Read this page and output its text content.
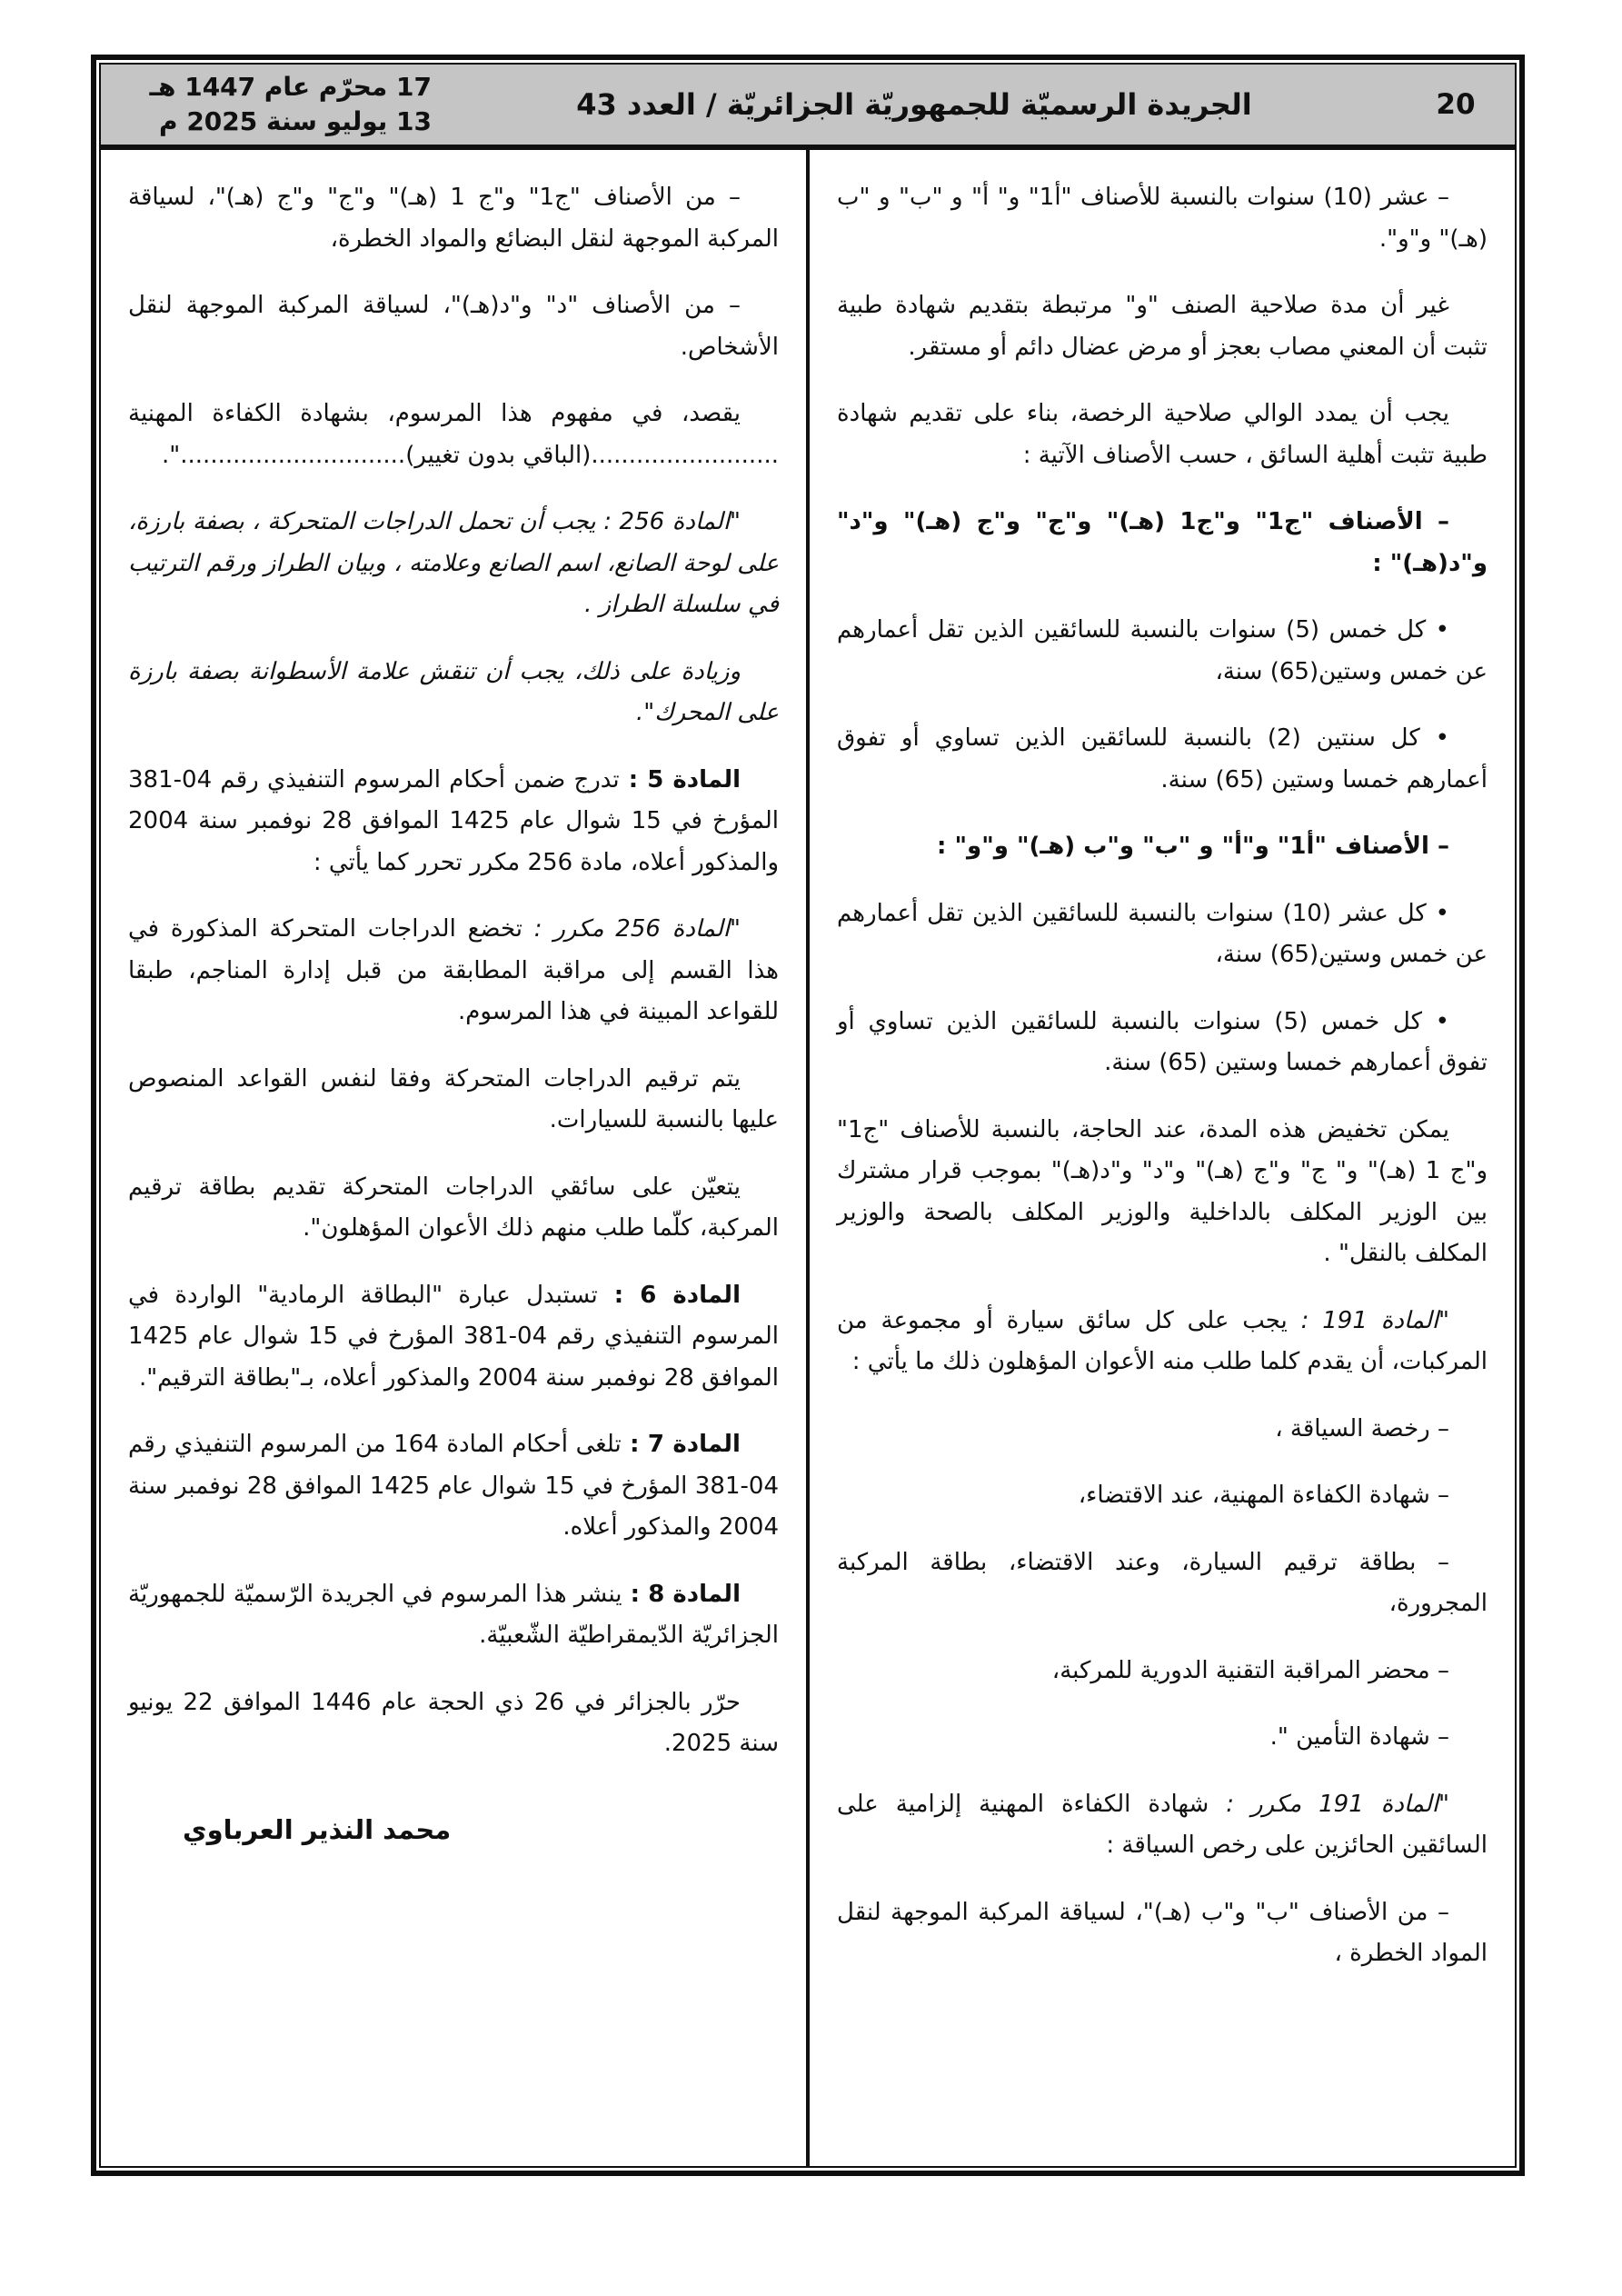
20
الجريدة الرسميّة للجمهوريّة الجزائريّة / العدد 43
17 محرّم عام 1447 هـ
13 يوليو سنة 2025 م

– عشر (10) سنوات بالنسبة للأصناف "أ1" و" أ" و "ب" و "ب (هـ)" و"و".

غير أن مدة صلاحية الصنف "و" مرتبطة بتقديم شهادة طبية تثبت أن المعني مصاب بعجز أو مرض عضال دائم أو مستقر.

يجب أن يمدد الوالي صلاحية الرخصة، بناء على تقديم شهادة طبية تثبت أهلية السائق ، حسب الأصناف الآتية :

– الأصناف "ج1" و"ج1 (هـ)" و"ج" و"ج (هـ)" و"د" و"د(هـ)" :

• كل خمس (5) سنوات بالنسبة للسائقين الذين تقل أعمارهم عن خمس وستين(65) سنة،

• كل سنتين (2) بالنسبة للسائقين الذين تساوي أو تفوق أعمارهم خمسا وستين (65) سنة.

– الأصناف "أ1" و"أ" و "ب" و"ب (هـ)" و"و" :

• كل عشر (10) سنوات بالنسبة للسائقين الذين تقل أعمارهم عن خمس وستين(65) سنة،

• كل خمس (5) سنوات بالنسبة للسائقين الذين تساوي أو تفوق أعمارهم خمسا وستين (65) سنة.

يمكن تخفيض هذه المدة، عند الحاجة، بالنسبة للأصناف "ج1" و"ج 1 (هـ)" و" ج" و"ج (هـ)" و"د" و"د(هـ)" بموجب قرار مشترك بين الوزير المكلف بالداخلية والوزير المكلف بالصحة والوزير المكلف بالنقل" .

"المادة 191 : يجب على كل سائق سيارة أو مجموعة من المركبات، أن يقدم كلما طلب منه الأعوان المؤهلون ذلك ما يأتي :

– رخصة السياقة ،

– شهادة الكفاءة المهنية، عند الاقتضاء،

– بطاقة ترقيم السيارة، وعند الاقتضاء، بطاقة المركبة المجرورة،

– محضر المراقبة التقنية الدورية للمركبة،

– شهادة التأمين ".

"المادة 191 مكرر : شهادة الكفاءة المهنية إلزامية على السائقين الحائزين على رخص السياقة :

– من الأصناف "ب" و"ب (هـ)"، لسياقة المركبة الموجهة لنقل المواد الخطرة ،

– من الأصناف "ج1" و"ج 1 (هـ)" و"ج" و"ج (هـ)"، لسياقة المركبة الموجهة لنقل البضائع والمواد الخطرة،

– من الأصناف "د" و"د(هـ)"، لسياقة المركبة الموجهة لنقل الأشخاص.

يقصد، في مفهوم هذا المرسوم، بشهادة الكفاءة المهنية .........................(الباقي بدون تغيير)..............................".

"المادة 256 : يجب أن تحمل الدراجات المتحركة ، بصفة بارزة، على لوحة الصانع، اسم الصانع وعلامته ، وبيان الطراز ورقم الترتيب في سلسلة الطراز .

وزيادة على ذلك، يجب أن تنقش علامة الأسطوانة بصفة بارزة على المحرك".

المادة 5 : تدرج ضمن أحكام المرسوم التنفيذي رقم 04-381 المؤرخ في 15 شوال عام 1425 الموافق 28 نوفمبر سنة 2004 والمذكور أعلاه، مادة 256 مكرر تحرر كما يأتي :

"المادة 256 مكرر : تخضع الدراجات المتحركة المذكورة في هذا القسم إلى مراقبة المطابقة من قبل إدارة المناجم، طبقا للقواعد المبينة في هذا المرسوم.

يتم ترقيم الدراجات المتحركة وفقا لنفس القواعد المنصوص عليها بالنسبة للسيارات.

يتعيّن على سائقي الدراجات المتحركة تقديم بطاقة ترقيم المركبة، كلّما طلب منهم ذلك الأعوان المؤهلون".

المادة 6 : تستبدل عبارة "البطاقة الرمادية" الواردة في المرسوم التنفيذي رقم 04-381 المؤرخ في 15 شوال عام 1425 الموافق 28 نوفمبر سنة 2004 والمذكور أعلاه، بـ"بطاقة الترقيم".

المادة 7 : تلغى أحكام المادة 164 من المرسوم التنفيذي رقم 04-381 المؤرخ في 15 شوال عام 1425 الموافق 28 نوفمبر سنة 2004 والمذكور أعلاه.

المادة 8 : ينشر هذا المرسوم في الجريدة الرّسميّة للجمهوريّة الجزائريّة الدّيمقراطيّة الشّعبيّة.

حرّر بالجزائر في 26 ذي الحجة عام 1446 الموافق 22 يونيو سنة 2025.

محمد النذير العرباوي
